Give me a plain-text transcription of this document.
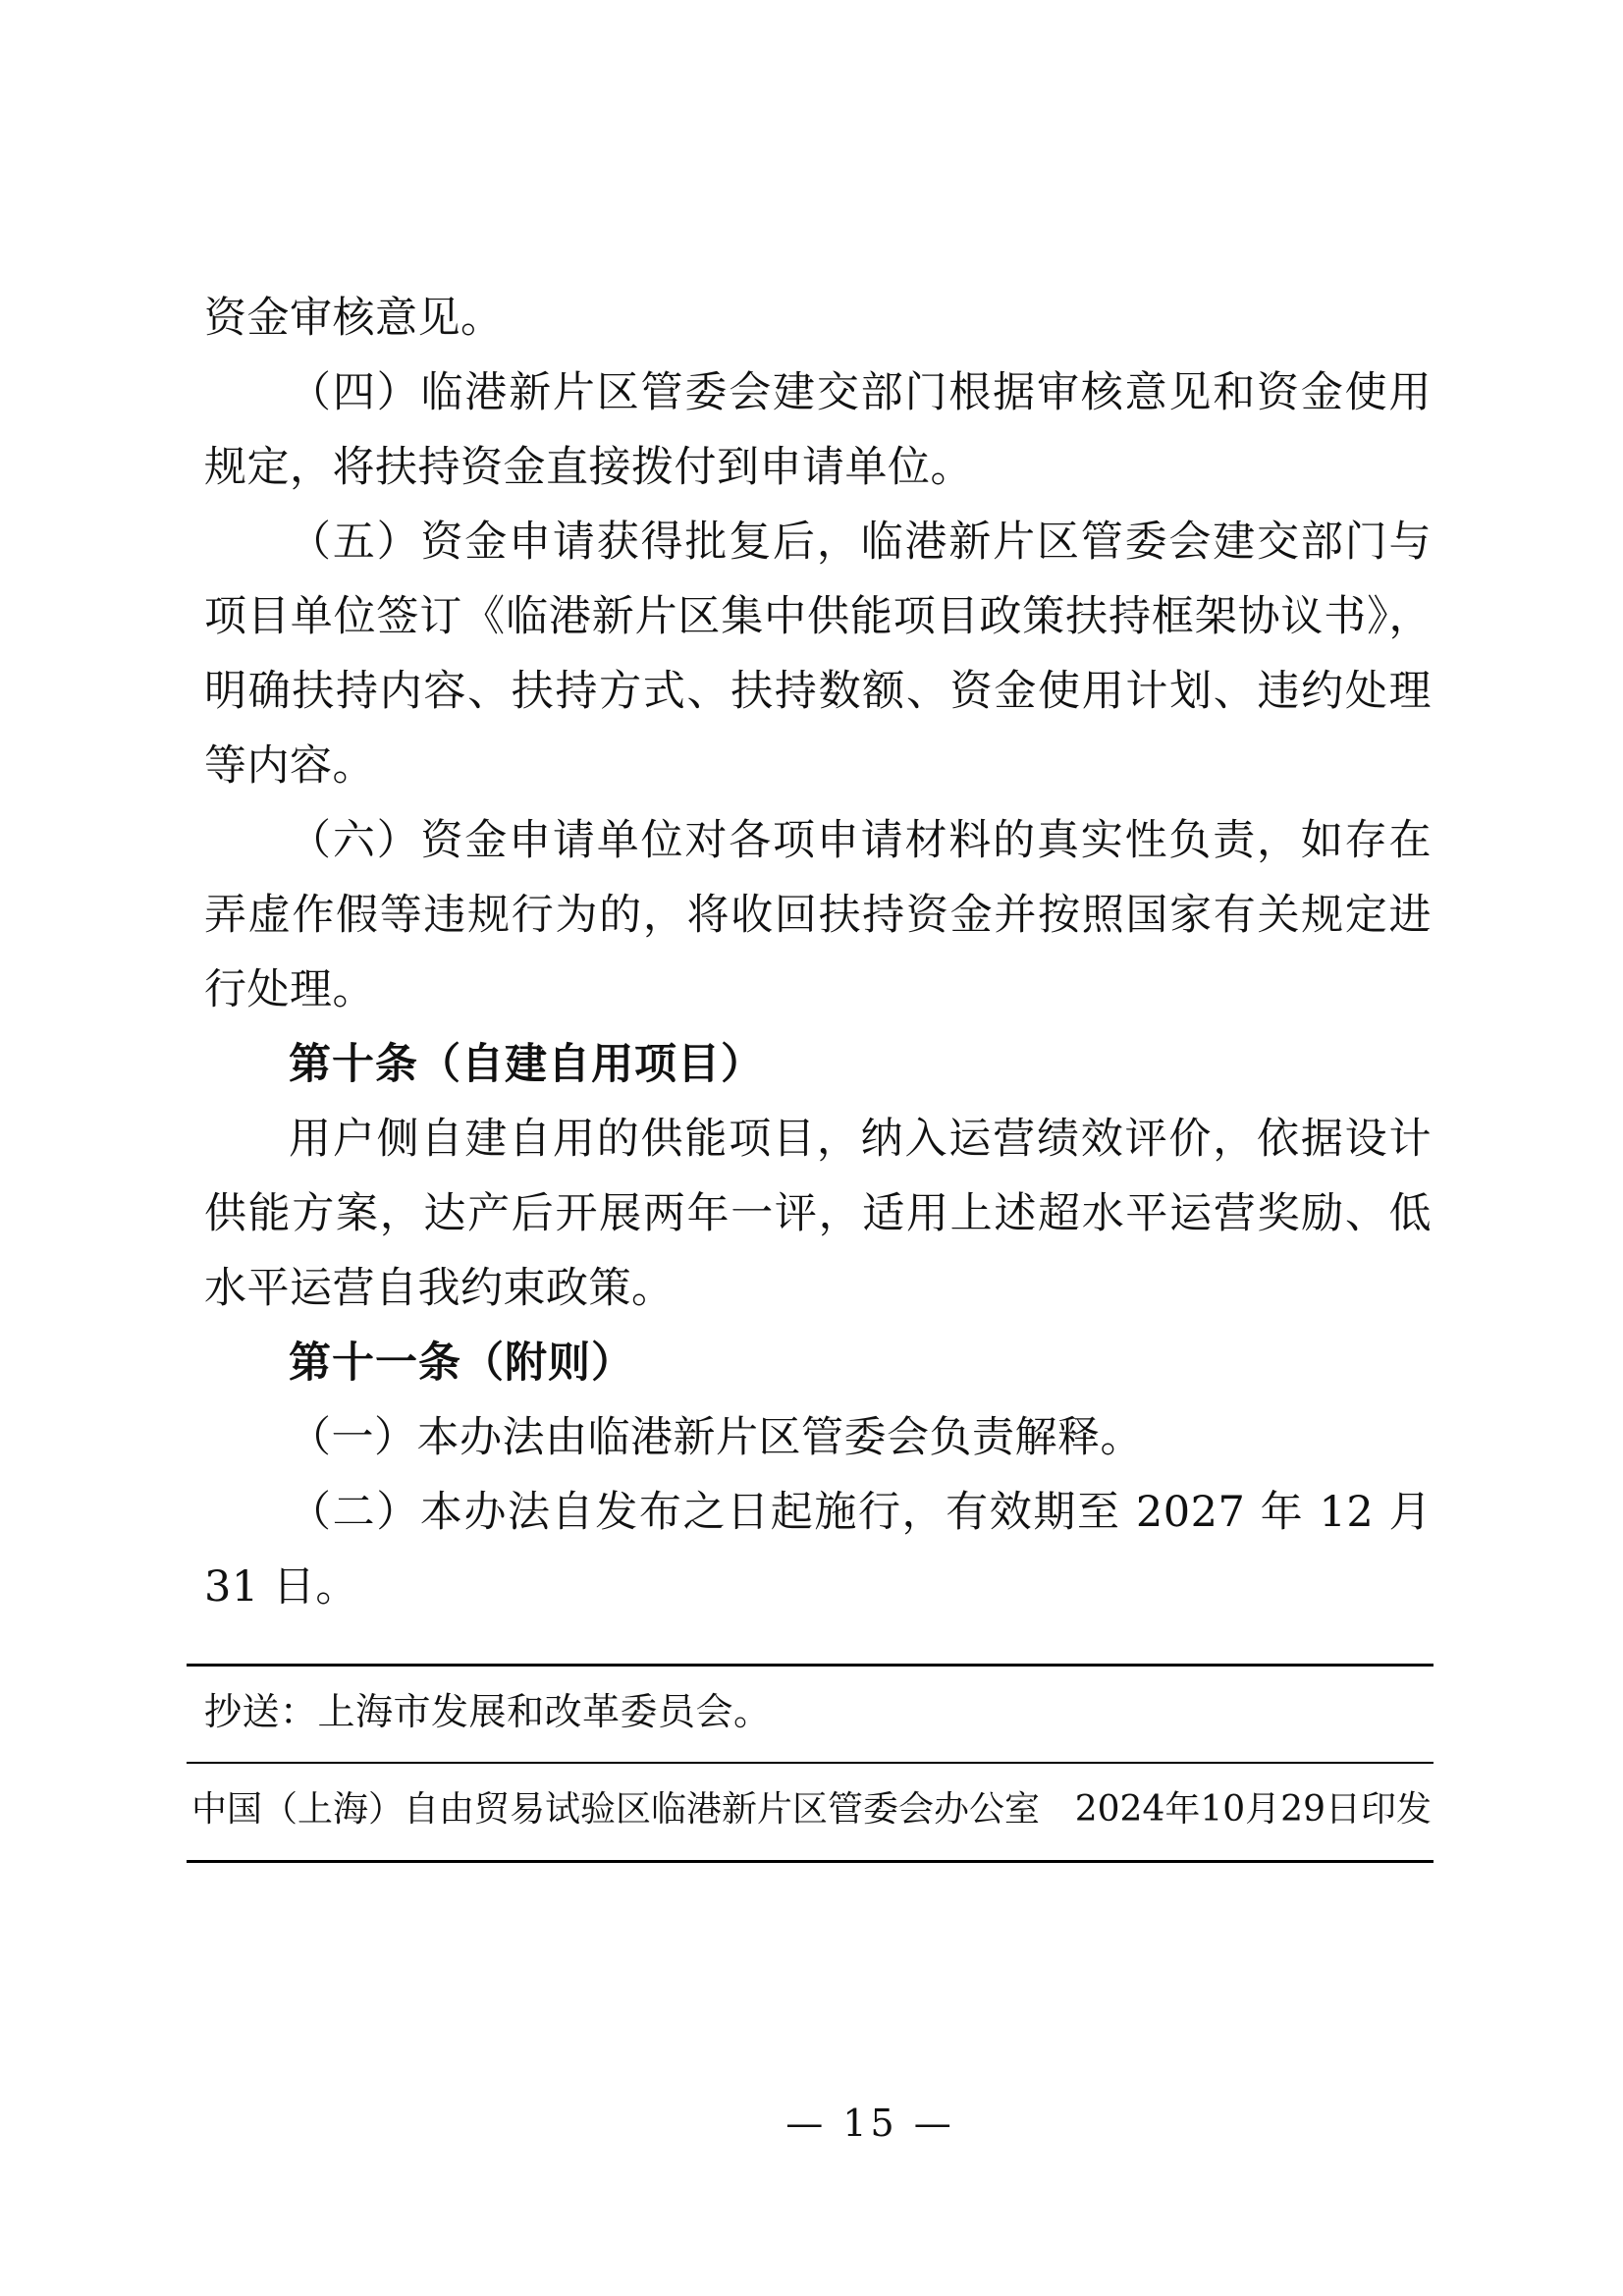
资金审核意见。

（四）临港新片区管委会建交部门根据审核意见和资金使用规定，将扶持资金直接拨付到申请单位。

（五）资金申请获得批复后，临港新片区管委会建交部门与项目单位签订《临港新片区集中供能项目政策扶持框架协议书》，明确扶持内容、扶持方式、扶持数额、资金使用计划、违约处理等内容。

（六）资金申请单位对各项申请材料的真实性负责，如存在弄虚作假等违规行为的，将收回扶持资金并按照国家有关规定进行处理。

第十条（自建自用项目）

用户侧自建自用的供能项目，纳入运营绩效评价，依据设计供能方案，达产后开展两年一评，适用上述超水平运营奖励、低水平运营自我约束政策。

第十一条（附则）

（一）本办法由临港新片区管委会负责解释。

（二）本办法自发布之日起施行，有效期至 2027 年 12 月 31 日。

抄送：上海市发展和改革委员会。
中国（上海）自由贸易试验区临港新片区管委会办公室 2024年10月29日印发
— 15 —
